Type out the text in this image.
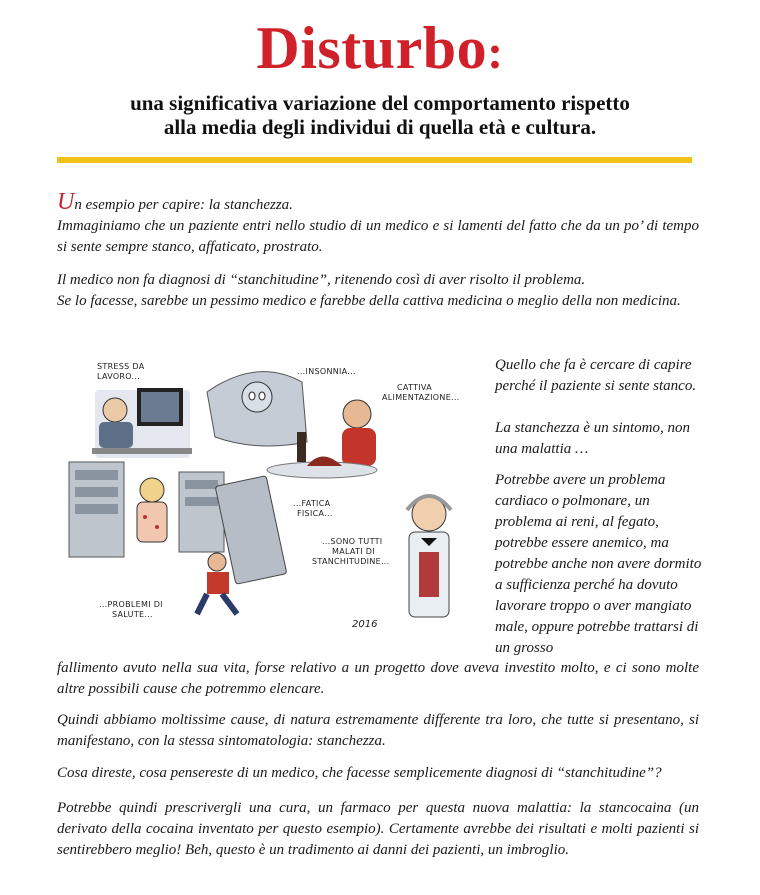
Disturbo:
una significativa variazione del comportamento rispetto
alla media degli individui di quella età e cultura.

Un esempio per capire: la stanchezza.
Immaginiamo che un paziente entri nello studio di un medico e si lamenti del fatto che da un po’ di tempo si sente sempre stanco, affaticato, prostrato.

Il medico non fa diagnosi di “stanchitudine”, ritenendo così di aver risolto il problema.
Se lo facesse, sarebbe un pessimo medico e farebbe della cattiva medicina o meglio della non medicina.

STRESS DA
LAVORO...
...INSONNIA...
CATTIVA
ALIMENTAZIONE...
...FATICA
FISICA...
...SONO TUTTI
MALATI DI
STANCHITUDINE...
...PROBLEMI DI
SALUTE...
2016

Quello che fa è cercare di capire perché il paziente si sente stanco.

La stanchezza è un sintomo, non una malattia …

Potrebbe avere un problema cardiaco o polmonare, un problema ai reni, al fegato, potrebbe essere anemico, ma potrebbe anche non avere dormito a sufficienza perché ha dovuto lavorare troppo o aver mangiato male, oppure potrebbe trattarsi di un grosso

fallimento avuto nella sua vita, forse relativo a un progetto dove aveva investito molto, e ci sono molte altre possibili cause che potremmo elencare.

Quindi abbiamo moltissime cause, di natura estremamente differente tra loro, che tutte si presentano, si manifestano, con la stessa sintomatologia: stanchezza.

Cosa direste, cosa pensereste di un medico, che facesse semplicemente diagnosi di “stanchitudine”?

Potrebbe quindi prescrivergli una cura, un farmaco per questa nuova malattia: la stancocaina (un derivato della cocaina inventato per questo esempio). Certamente avrebbe dei risultati e molti pazienti si sentirebbero meglio! Beh, questo è un tradimento ai danni dei pazienti, un imbroglio.
